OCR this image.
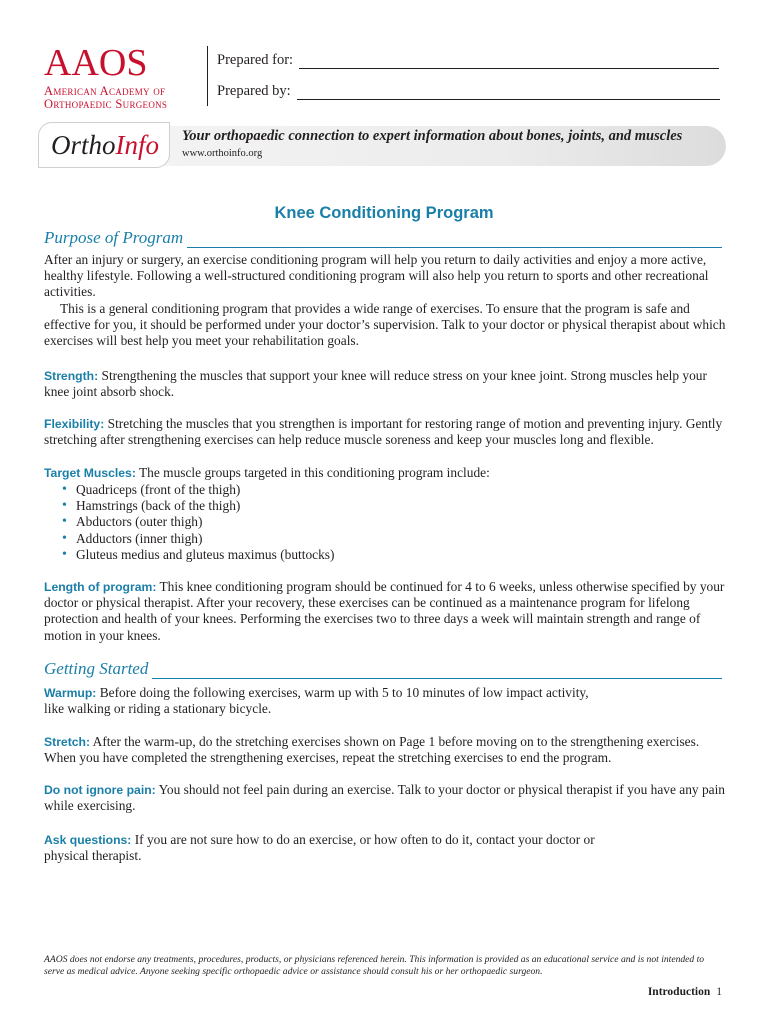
AAOS
American Academy of
Orthopaedic Surgeons
Prepared for:
Prepared by:
OrthoInfo Your orthopaedic connection to expert information about bones, joints, and muscles
www.orthoinfo.org
Knee Conditioning Program
Purpose of Program

After an injury or surgery, an exercise conditioning program will help you return to daily activities and enjoy a more active, healthy lifestyle. Following a well-structured conditioning program will also help you return to sports and other recreational activities.
This is a general conditioning program that provides a wide range of exercises. To ensure that the program is safe and effective for you, it should be performed under your doctor’s supervision. Talk to your doctor or physical therapist about which exercises will best help you meet your rehabilitation goals.

Strength: Strengthening the muscles that support your knee will reduce stress on your knee joint. Strong muscles help your knee joint absorb shock.

Flexibility: Stretching the muscles that you strengthen is important for restoring range of motion and preventing injury. Gently stretching after strengthening exercises can help reduce muscle soreness and keep your muscles long and flexible.

Target Muscles: The muscle groups targeted in this conditioning program include:

• Quadriceps (front of the thigh)
• Hamstrings (back of the thigh)
• Abductors (outer thigh)
• Adductors (inner thigh)
• Gluteus medius and gluteus maximus (buttocks)

Length of program: This knee conditioning program should be continued for 4 to 6 weeks, unless otherwise specified by your doctor or physical therapist. After your recovery, these exercises can be continued as a maintenance program for lifelong protection and health of your knees. Performing the exercises two to three days a week will maintain strength and range of motion in your knees.

Getting Started

Warmup: Before doing the following exercises, warm up with 5 to 10 minutes of low impact activity,
like walking or riding a stationary bicycle.

Stretch: After the warm-up, do the stretching exercises shown on Page 1 before moving on to the strengthening exercises. When you have completed the strengthening exercises, repeat the stretching exercises to end the program.

Do not ignore pain: You should not feel pain during an exercise. Talk to your doctor or physical therapist if you have any pain while exercising.

Ask questions: If you are not sure how to do an exercise, or how often to do it, contact your doctor or
physical therapist.

AAOS does not endorse any treatments, procedures, products, or physicians referenced herein. This information is provided as an educational service and is not intended to serve as medical advice. Anyone seeking specific orthopaedic advice or assistance should consult his or her orthopaedic surgeon.
Introduction 1
